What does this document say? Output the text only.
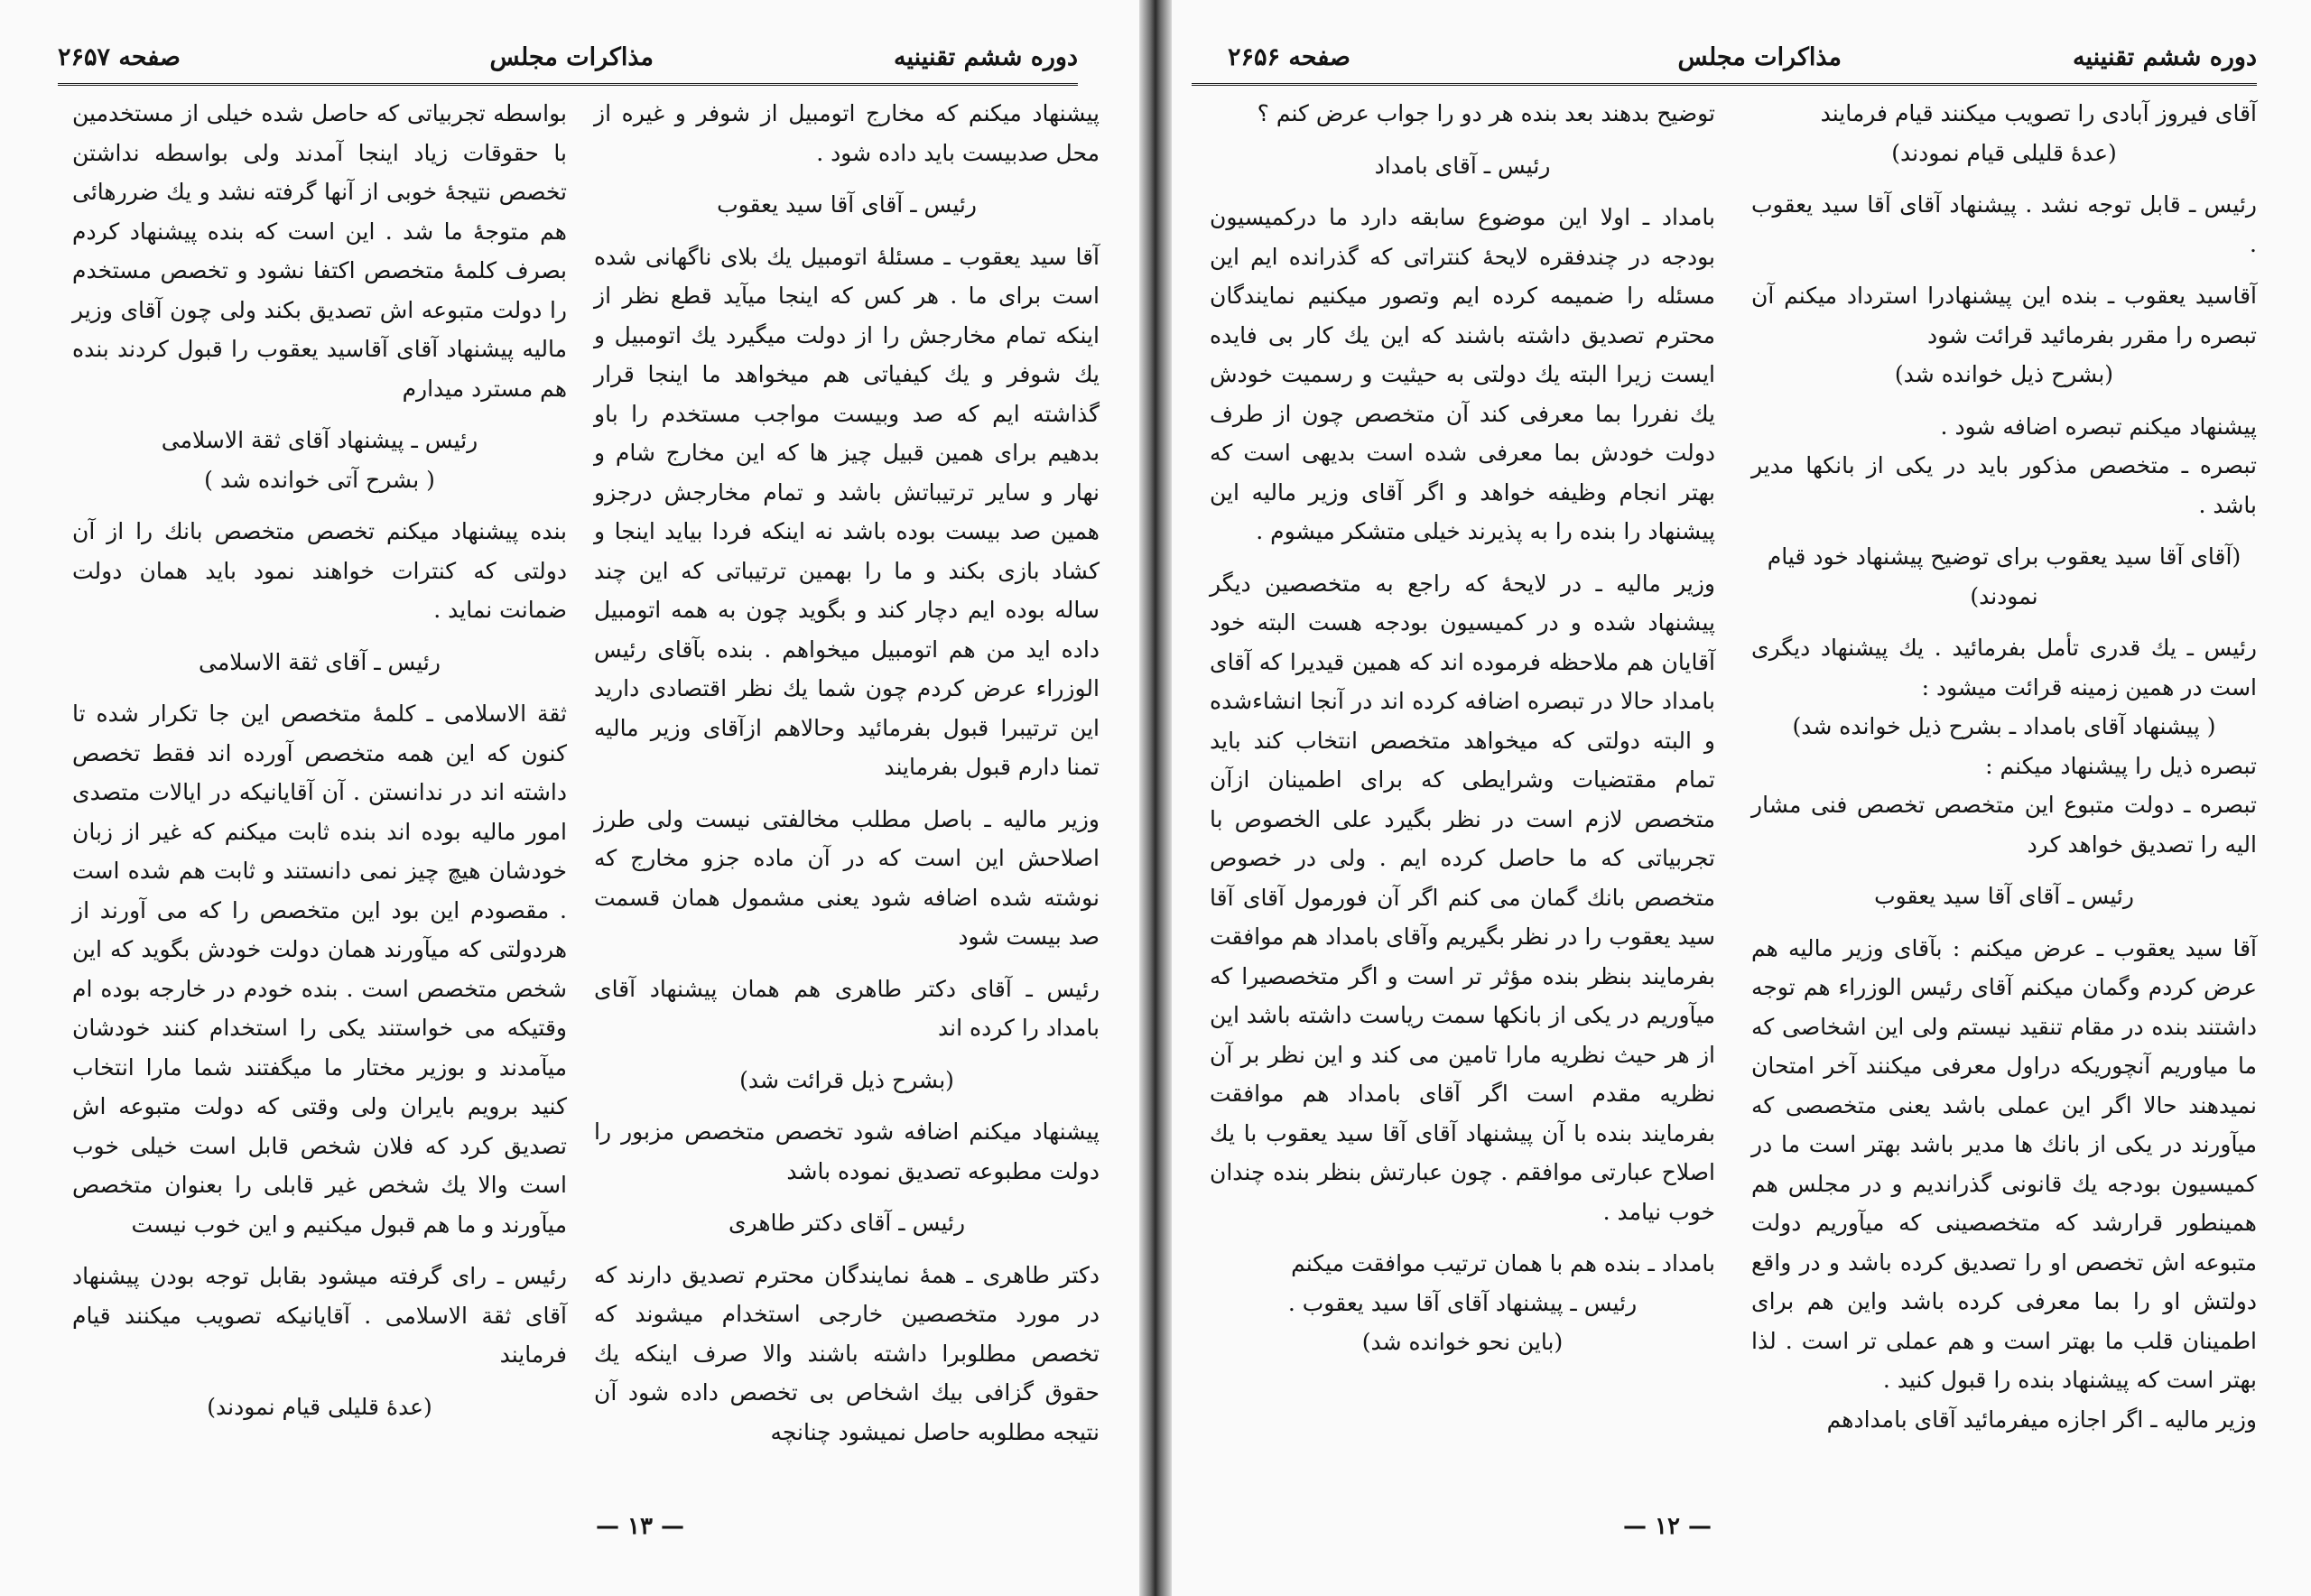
دوره ششم تقنینیه
مذاکرات مجلس
صفحه ۲۶۵۷

پیشنهاد میکنم که مخارج اتومبیل از شوفر و غیره از محل صدبیست باید داده شود .

رئیس ـ آقای آقا سید یعقوب

آقا سید یعقوب ـ مسئلهٔ اتومبیل یك بلای ناگهانی شده است برای ما . هر کس که اینجا میآید قطع نظر از اینکه تمام مخارجش را از دولت میگیرد یك اتومبیل و یك شوفر و یك کیفیاتی هم میخواهد ما اینجا قرار گذاشته ایم که صد وبیست مواجب مستخدم را باو بدهیم برای همین قبیل چیز ها که این مخارج شام و نهار و سایر ترتیباتش باشد و تمام مخارجش درجزو همین صد بیست بوده باشد نه اینکه فردا بیاید اینجا و کشاد بازی بکند و ما را بهمین ترتیباتی که این چند ساله بوده ایم دچار کند و بگوید چون به همه اتومبیل داده اید من هم اتومبیل میخواهم . بنده بآقای رئیس الوزراء عرض کردم چون شما یك نظر اقتصادی دارید این ترتیبرا قبول بفرمائید وحالاهم ازآقای وزیر مالیه تمنا دارم قبول بفرمایند

وزیر مالیه ـ باصل مطلب مخالفتی نیست ولی طرز اصلاحش این است که در آن ماده جزو مخارج که نوشته شده اضافه شود یعنی مشمول همان قسمت صد بیست شود

رئیس ـ آقای دکتر طاهری هم همان پیشنهاد آقای بامداد را کرده اند

(بشرح ذیل قرائت شد)

پیشنهاد میکنم اضافه شود تخصص متخصص مزبور را دولت مطبوعه تصدیق نموده باشد

رئیس ـ آقای دکتر طاهری

دکتر طاهری ـ همهٔ نمایندگان محترم تصدیق دارند که در مورد متخصصین خارجی استخدام میشوند که تخصص مطلوبرا داشته باشند والا صرف اینکه یك حقوق گزافی بیك اشخاص بی تخصص داده شود آن نتیجه مطلوبه حاصل نمیشود چنانچه

بواسطه تجربیاتی که حاصل شده خیلی از مستخدمین با حقوقات زیاد اینجا آمدند ولی بواسطه نداشتن تخصص نتیجهٔ خوبی از آنها گرفته نشد و یك ضررهائی هم متوجهٔ ما شد . این است که بنده پیشنهاد کردم بصرف کلمهٔ متخصص اکتفا نشود و تخصص مستخدم را دولت متبوعه اش تصدیق بکند ولی چون آقای وزیر مالیه پیشنهاد آقای آقاسید یعقوب را قبول کردند بنده هم مسترد میدارم

رئیس ـ پیشنهاد آقای ثقة الاسلامی

( بشرح آتی خوانده شد )

بنده پیشنهاد میکنم تخصص متخصص بانك را از آن دولتی که کنترات خواهند نمود باید همان دولت ضمانت نماید .

رئیس ـ آقای ثقة الاسلامی

ثقة الاسلامی ـ کلمهٔ متخصص این جا تکرار شده تا کنون که این همه متخصص آورده اند فقط تخصص داشته اند در ندانستن . آن آقایانیکه در ایالات متصدی امور مالیه بوده اند بنده ثابت میکنم که غیر از زبان خودشان هیچ چیز نمی دانستند و ثابت هم شده است . مقصودم این بود این متخصص را که می آورند از هردولتی که میآورند همان دولت خودش بگوید که این شخص متخصص است . بنده خودم در خارجه بوده ام وقتیکه می خواستند یکی را استخدام کنند خودشان میآمدند و بوزیر مختار ما میگفتند شما مارا انتخاب کنید برویم بایران ولی وقتی که دولت متبوعه اش تصدیق کرد که فلان شخص قابل است خیلی خوب است والا یك شخص غیر قابلی را بعنوان متخصص میآورند و ما هم قبول میکنیم و این خوب نیست

رئیس ـ رای گرفته میشود بقابل توجه بودن پیشنهاد آقای ثقة الاسلامی . آقایانیکه تصویب میکنند قیام فرمایند

(عدهٔ قلیلی قیام نمودند)

— ۱۳ —
دوره ششم تقنینیه
مذاکرات مجلس
صفحه ۲۶۵۶

آقای فیروز آبادی را تصویب میکنند قیام فرمایند

(عدهٔ قلیلی قیام نمودند)

رئیس ـ قابل توجه نشد . پیشنهاد آقای آقا سید یعقوب .

آقاسید یعقوب ـ بنده این پیشنهادرا استرداد میکنم آن تبصره را مقرر بفرمائید قرائت شود

(بشرح ذیل خوانده شد)

پیشنهاد میکنم تبصره اضافه شود .

تبصره ـ متخصص مذکور باید در یکی از بانکها مدیر باشد .

(آقای آقا سید یعقوب برای توضیح پیشنهاد خود قیام نمودند)

رئیس ـ یك قدری تأمل بفرمائید . یك پیشنهاد دیگری است در همین زمینه قرائت میشود :

( پیشنهاد آقای بامداد ـ بشرح ذیل خوانده شد)

تبصره ذیل را پیشنهاد میکنم :

تبصره ـ دولت متبوع این متخصص تخصص فنی مشار الیه را تصدیق خواهد کرد

رئیس ـ آقای آقا سید یعقوب

آقا سید یعقوب ـ عرض میکنم : بآقای وزیر مالیه هم عرض کردم وگمان میکنم آقای رئیس الوزراء هم توجه داشتند بنده در مقام تنقید نیستم ولی این اشخاصی که ما میاوریم آنچوریکه دراول معرفی میکنند آخر امتحان نمیدهند حالا اگر این عملی باشد یعنی متخصصی که میآورند در یکی از بانك ها مدیر باشد بهتر است ما در کمیسیون بودجه یك قانونی گذراندیم و در مجلس هم همینطور قرارشد که متخصصینی که میآوریم دولت متبوعه اش تخصص او را تصدیق کرده باشد و در واقع دولتش او را بما معرفی کرده باشد واین هم برای اطمینان قلب ما بهتر است و هم عملی تر است . لذا بهتر است که پیشنهاد بنده را قبول کنید .

وزیر مالیه ـ اگر اجازه میفرمائید آقای بامدادهم

توضیح بدهند بعد بنده هر دو را جواب عرض کنم ؟

رئیس ـ آقای بامداد

بامداد ـ اولا این موضوع سابقه دارد ما درکمیسیون بودجه در چندفقره لایحهٔ کنتراتی که گذرانده ایم این مسئله را ضمیمه کرده ایم وتصور میکنیم نمایندگان محترم تصدیق داشته باشند که این یك کار بی فایده ایست زیرا البته یك دولتی به حیثیت و رسمیت خودش یك نفررا بما معرفی کند آن متخصص چون از طرف دولت خودش بما معرفی شده است بدیهی است که بهتر انجام وظیفه خواهد و اگر آقای وزیر مالیه این پیشنهاد را بنده را به پذیرند خیلی متشکر میشوم .

وزیر مالیه ـ در لایحهٔ که راجع به متخصصین دیگر پیشنهاد شده و در کمیسیون بودجه هست البته خود آقایان هم ملاحظه فرموده اند که همین قیدیرا که آقای بامداد حالا در تبصره اضافه کرده اند در آنجا انشاءشده و البته دولتی که میخواهد متخصص انتخاب کند باید تمام مقتضیات وشرایطی که برای اطمینان ازآن متخصص لازم است در نظر بگیرد علی الخصوص با تجربیاتی که ما حاصل کرده ایم . ولی در خصوص متخصص بانك گمان می کنم اگر آن فورمول آقای آقا سید یعقوب را در نظر بگیریم وآقای بامداد هم موافقت بفرمایند بنظر بنده مؤثر تر است و اگر متخصصیرا که میآوریم در یکی از بانکها سمت ریاست داشته باشد این از هر حیث نظریه مارا تامین می کند و این نظر بر آن نظریه مقدم است اگر آقای بامداد هم موافقت بفرمایند بنده با آن پیشنهاد آقای آقا سید یعقوب با یك اصلاح عبارتی موافقم . چون عبارتش بنظر بنده چندان خوب نیامد .

بامداد ـ بنده هم با همان ترتیب موافقت میکنم

رئیس ـ پیشنهاد آقای آقا سید یعقوب .

(باین نحو خوانده شد)

— ۱۲ —
